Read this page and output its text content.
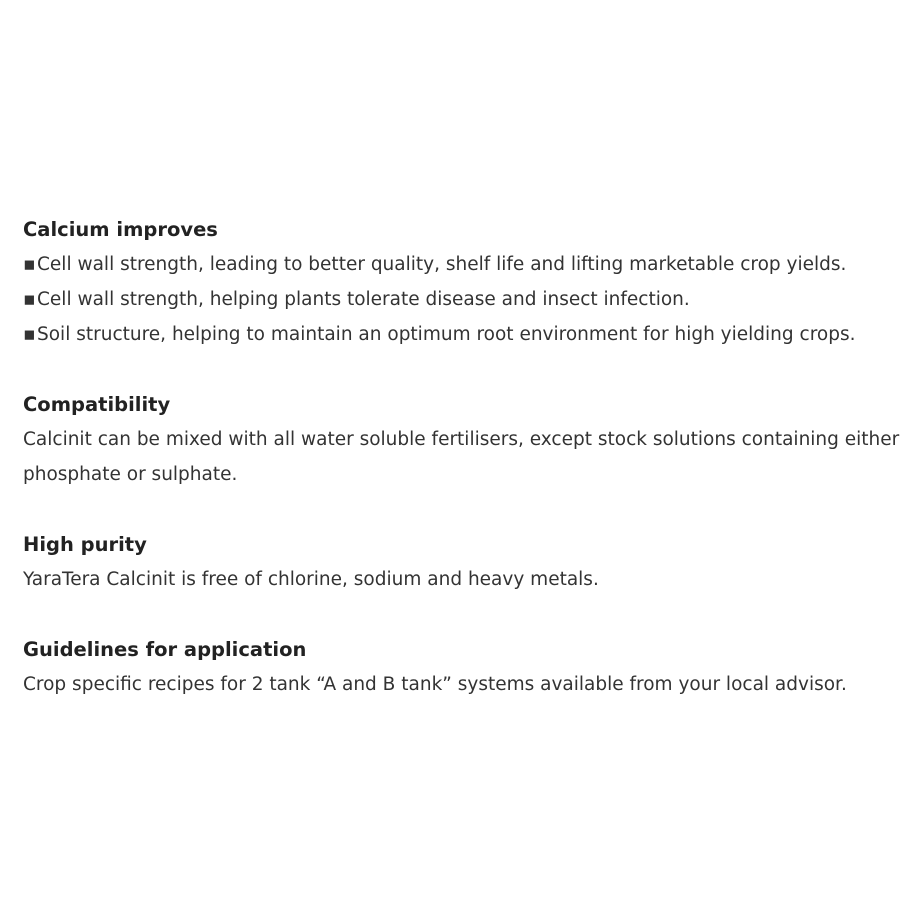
Calcium improves
▪Cell wall strength, leading to better quality, shelf life and lifting marketable crop yields.
▪Cell wall strength, helping plants tolerate disease and insect infection.
▪Soil structure, helping to maintain an optimum root environment for high yielding crops.
Compatibility
Calcinit can be mixed with all water soluble fertilisers, except stock solutions containing either phosphate or sulphate.
High purity
YaraTera Calcinit is free of chlorine, sodium and heavy metals.
Guidelines for application
Crop specific recipes for 2 tank “A and B tank” systems available from your local advisor.
